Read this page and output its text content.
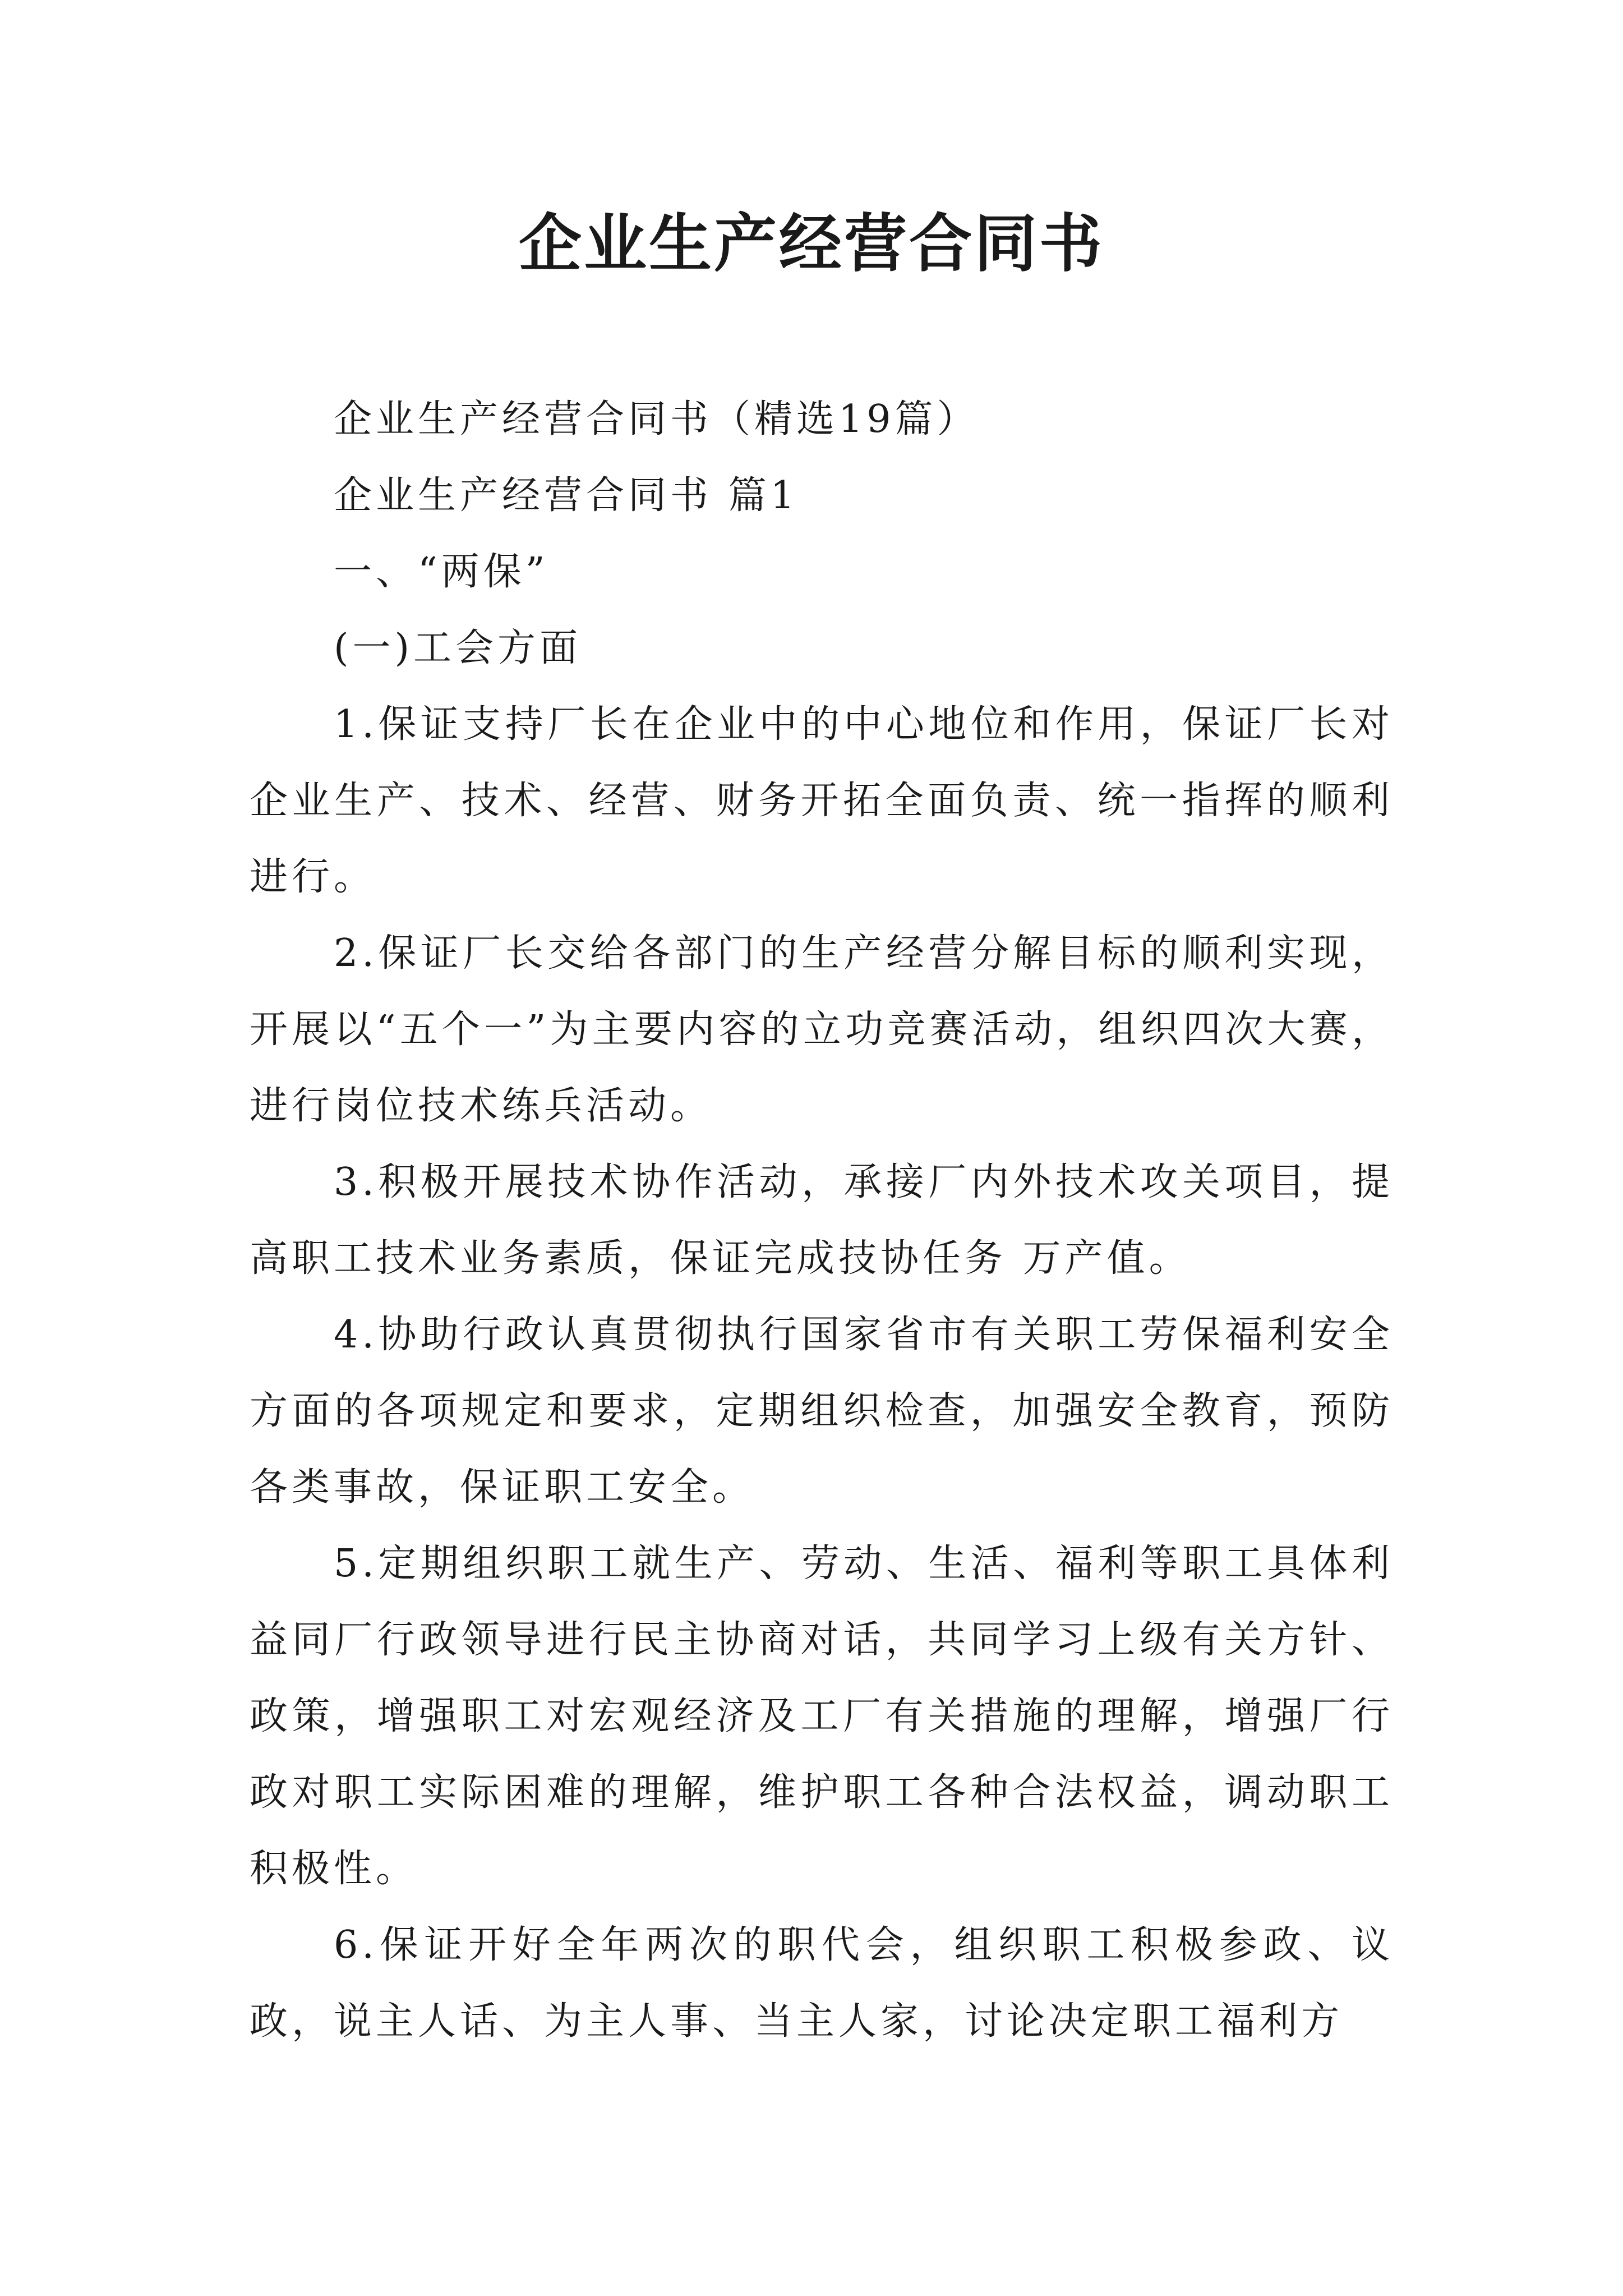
企业生产经营合同书

企业生产经营合同书（精选19篇）

企业生产经营合同书 篇1

一、“两保”

(一)工会方面

1.保证支持厂长在企业中的中心地位和作用，保证厂长对企业生产、技术、经营、财务开拓全面负责、统一指挥的顺利进行。

2.保证厂长交给各部门的生产经营分解目标的顺利实现，开展以“五个一”为主要内容的立功竞赛活动，组织四次大赛，进行岗位技术练兵活动。

3.积极开展技术协作活动，承接厂内外技术攻关项目，提高职工技术业务素质，保证完成技协任务 万产值。

4.协助行政认真贯彻执行国家省市有关职工劳保福利安全方面的各项规定和要求，定期组织检查，加强安全教育，预防各类事故，保证职工安全。

5.定期组织职工就生产、劳动、生活、福利等职工具体利益同厂行政领导进行民主协商对话，共同学习上级有关方针、政策，增强职工对宏观经济及工厂有关措施的理解，增强厂行政对职工实际困难的理解，维护职工各种合法权益，调动职工积极性。

6.保证开好全年两次的职代会，组织职工积极参政、议政，说主人话、为主人事、当主人家，讨论决定职工福利方
